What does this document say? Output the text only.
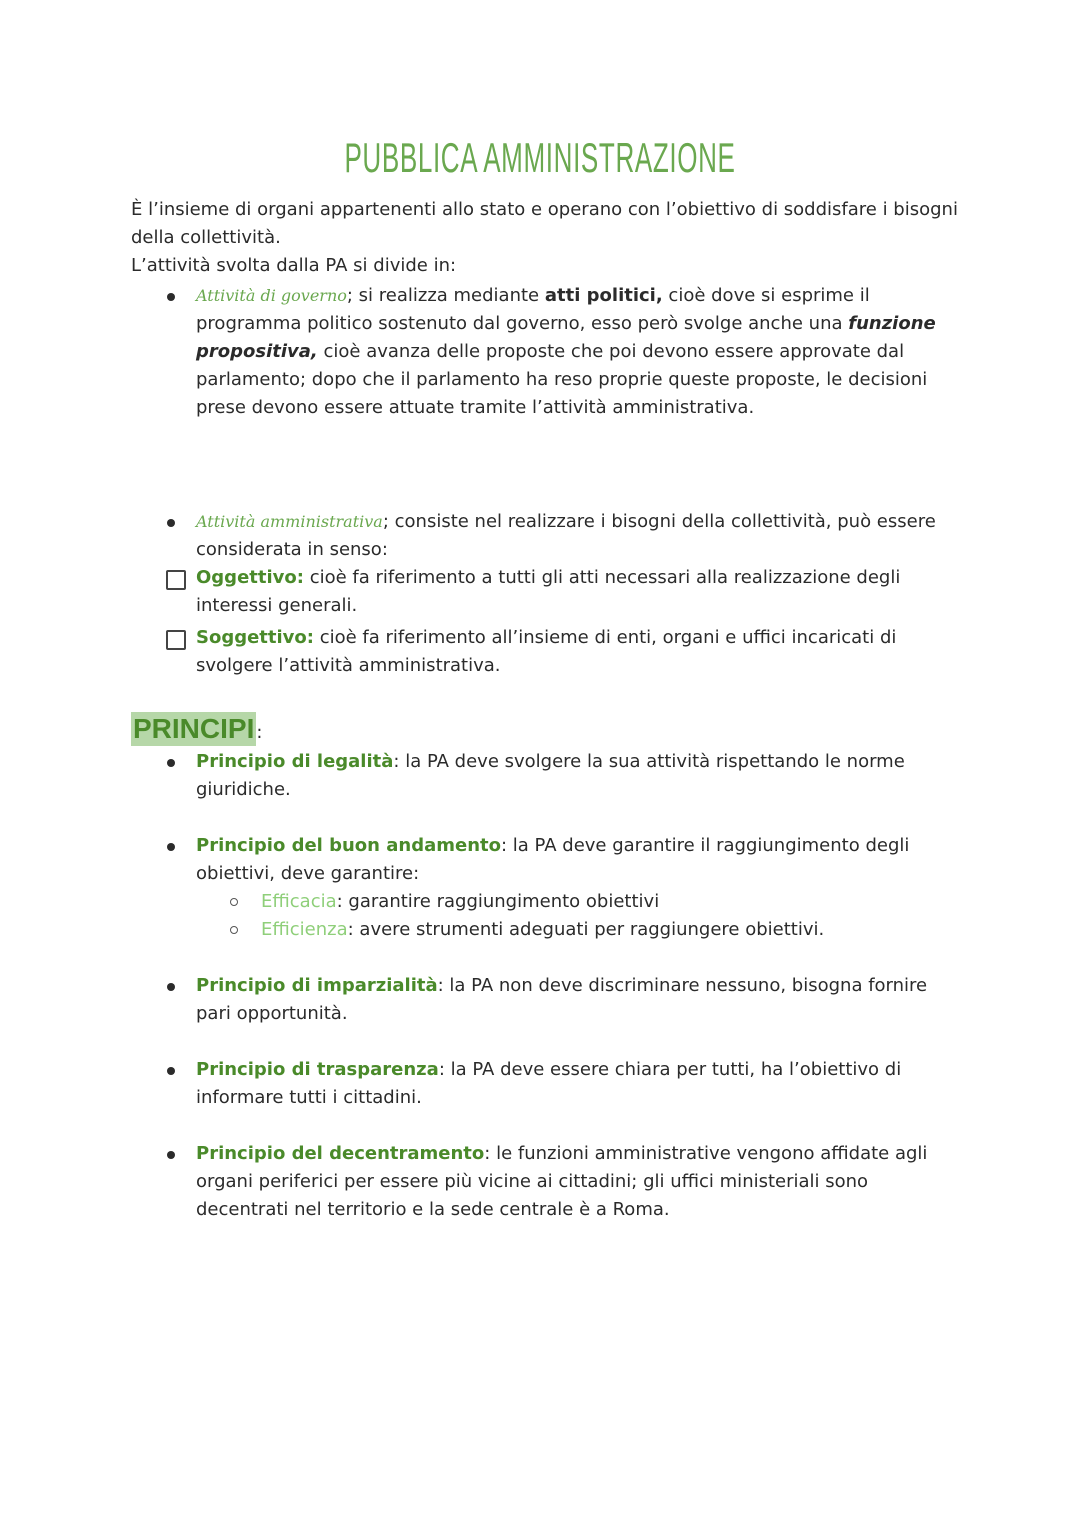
PUBBLICA AMMINISTRAZIONE

È l’insieme di organi appartenenti allo stato e operano con l’obiettivo di soddisfare i bisogni della collettività.

L’attività svolta dalla PA si divide in:

Attività di governo; si realizza mediante atti politici, cioè dove si esprime il programma politico sostenuto dal governo, esso però svolge anche una funzione propositiva, cioè avanza delle proposte che poi devono essere approvate dal parlamento; dopo che il parlamento ha reso proprie queste proposte, le decisioni prese devono essere attuate tramite l’attività amministrativa.
Attività amministrativa; consiste nel realizzare i bisogni della collettività, può essere considerata in senso:
Oggettivo: cioè fa riferimento a tutti gli atti necessari alla realizzazione degli interessi generali.
Soggettivo: cioè fa riferimento all’insieme di enti, organi e uffici incaricati di svolgere l’attività amministrativa.
PRINCIPI :
Principio di legalità: la PA deve svolgere la sua attività rispettando le norme giuridiche.
Principio del buon andamento: la PA deve garantire il raggiungimento degli obiettivi, deve garantire:
Efficacia: garantire raggiungimento obiettivi
Efficienza: avere strumenti adeguati per raggiungere obiettivi.
Principio di imparzialità: la PA non deve discriminare nessuno, bisogna fornire pari opportunità.
Principio di trasparenza: la PA deve essere chiara per tutti, ha l’obiettivo di informare tutti i cittadini.
Principio del decentramento: le funzioni amministrative vengono affidate agli organi periferici per essere più vicine ai cittadini; gli uffici ministeriali sono decentrati nel territorio e la sede centrale è a Roma.
